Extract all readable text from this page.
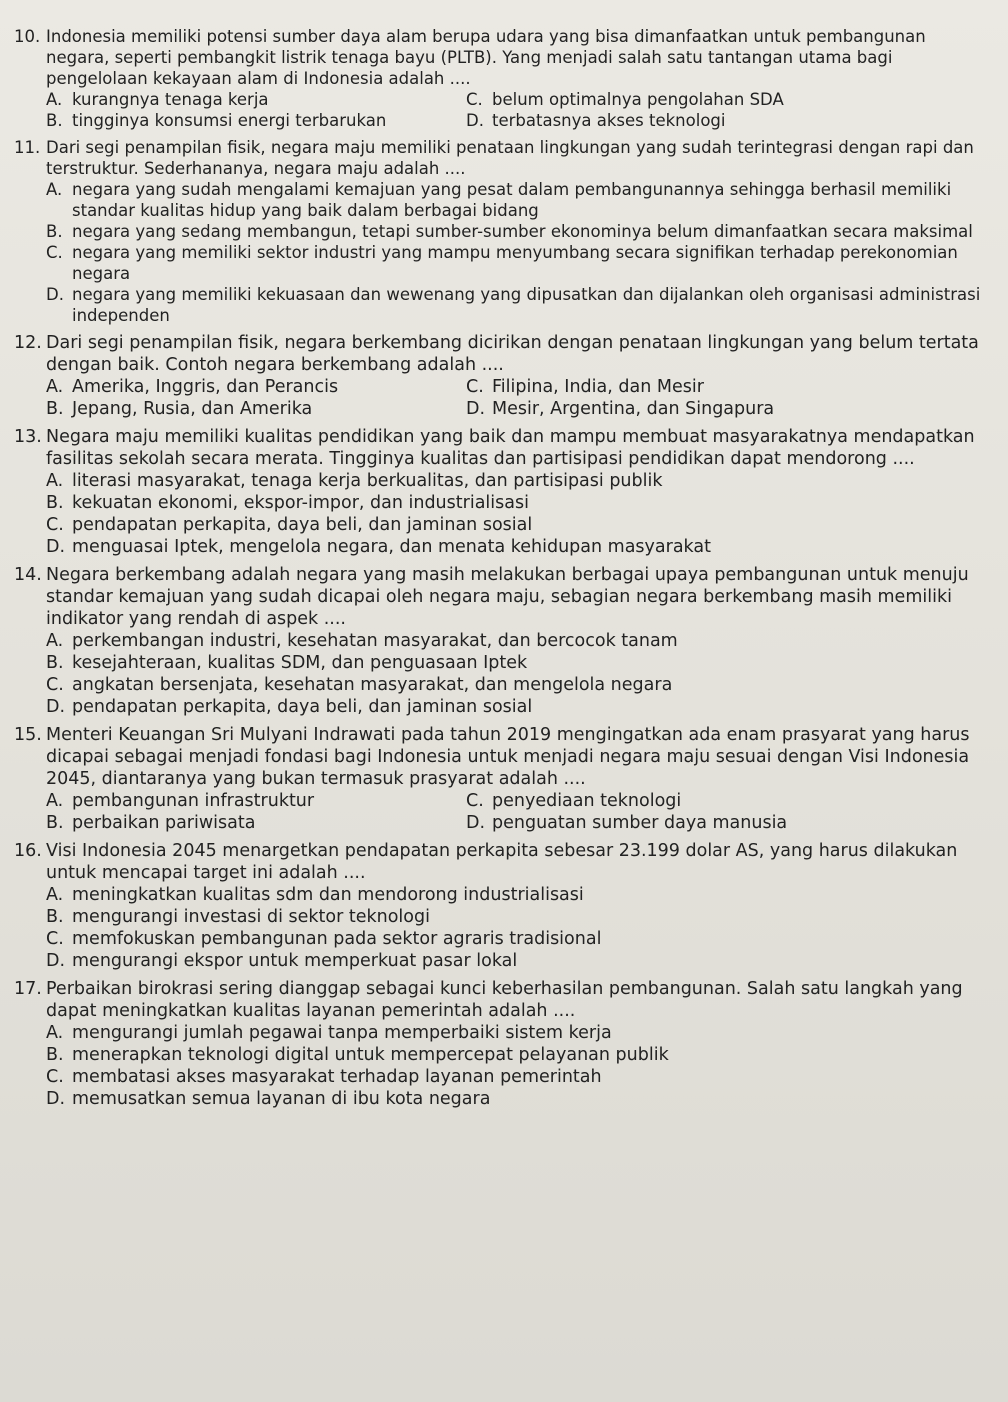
10. Indonesia memiliki potensi sumber daya alam berupa udara yang bisa dimanfaatkan untuk pembangunan negara, seperti pembangkit listrik tenaga bayu (PLTB). Yang menjadi salah satu tantangan utama bagi pengelolaan kekayaan alam di Indonesia adalah ....
A. kurangnya tenaga kerja	C. belum optimalnya pengolahan SDA
B. tingginya konsumsi energi terbarukan	D. terbatasnya akses teknologi
11. Dari segi penampilan fisik, negara maju memiliki penataan lingkungan yang sudah terintegrasi dengan rapi dan terstruktur. Sederhananya, negara maju adalah ....
A. negara yang sudah mengalami kemajuan yang pesat dalam pembangunannya sehingga berhasil memiliki standar kualitas hidup yang baik dalam berbagai bidang
B. negara yang sedang membangun, tetapi sumber-sumber ekonominya belum dimanfaatkan secara maksimal
C. negara yang memiliki sektor industri yang mampu menyumbang secara signifikan terhadap perekonomian negara
D. negara yang memiliki kekuasaan dan wewenang yang dipusatkan dan dijalankan oleh organisasi administrasi independen
12. Dari segi penampilan fisik, negara berkembang dicirikan dengan penataan lingkungan yang belum tertata dengan baik. Contoh negara berkembang adalah ....
A. Amerika, Inggris, dan Perancis	C. Filipina, India, dan Mesir
B. Jepang, Rusia, dan Amerika	D. Mesir, Argentina, dan Singapura
13. Negara maju memiliki kualitas pendidikan yang baik dan mampu membuat masyarakatnya mendapatkan fasilitas sekolah secara merata. Tingginya kualitas dan partisipasi pendidikan dapat mendorong ....
A. literasi masyarakat, tenaga kerja berkualitas, dan partisipasi publik
B. kekuatan ekonomi, ekspor-impor, dan industrialisasi
C. pendapatan perkapita, daya beli, dan jaminan sosial
D. menguasai Iptek, mengelola negara, dan menata kehidupan masyarakat
14. Negara berkembang adalah negara yang masih melakukan berbagai upaya pembangunan untuk menuju standar kemajuan yang sudah dicapai oleh negara maju, sebagian negara berkembang masih memiliki indikator yang rendah di aspek ....
A. perkembangan industri, kesehatan masyarakat, dan bercocok tanam
B. kesejahteraan, kualitas SDM, dan penguasaan Iptek
C. angkatan bersenjata, kesehatan masyarakat, dan mengelola negara
D. pendapatan perkapita, daya beli, dan jaminan sosial
15. Menteri Keuangan Sri Mulyani Indrawati pada tahun 2019 mengingatkan ada enam prasyarat yang harus dicapai sebagai menjadi fondasi bagi Indonesia untuk menjadi negara maju sesuai dengan Visi Indonesia 2045, diantaranya yang bukan termasuk prasyarat adalah ....
A. pembangunan infrastruktur	C. penyediaan teknologi
B. perbaikan pariwisata	D. penguatan sumber daya manusia
16. Visi Indonesia 2045 menargetkan pendapatan perkapita sebesar 23.199 dolar AS, yang harus dilakukan untuk mencapai target ini adalah ....
A. meningkatkan kualitas sdm dan mendorong industrialisasi
B. mengurangi investasi di sektor teknologi
C. memfokuskan pembangunan pada sektor agraris tradisional
D. mengurangi ekspor untuk memperkuat pasar lokal
17. Perbaikan birokrasi sering dianggap sebagai kunci keberhasilan pembangunan. Salah satu langkah yang dapat meningkatkan kualitas layanan pemerintah adalah ....
A. mengurangi jumlah pegawai tanpa memperbaiki sistem kerja
B. menerapkan teknologi digital untuk mempercepat pelayanan publik
C. membatasi akses masyarakat terhadap layanan pemerintah
D. memusatkan semua layanan di ibu kota negara
